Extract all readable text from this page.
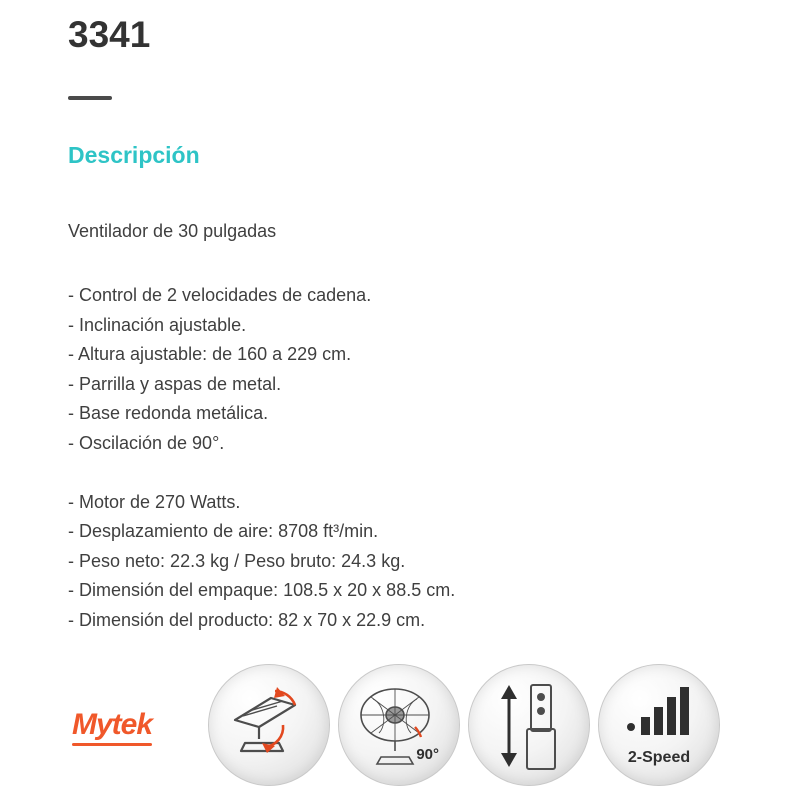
3341
Descripción
Ventilador de 30 pulgadas
- Control de 2 velocidades de cadena.
- Inclinación ajustable.
- Altura ajustable: de 160 a 229 cm.
- Parrilla y aspas de metal.
- Base redonda metálica.
- Oscilación de 90°.
- Motor de 270 Watts.
- Desplazamiento de aire: 8708 ft³/min.
- Peso neto: 22.3 kg / Peso bruto: 24.3 kg.
- Dimensión del empaque: 108.5 x 20 x 88.5 cm.
- Dimensión del producto: 82 x 70 x 22.9 cm.
Mytek
90°	2-Speed
